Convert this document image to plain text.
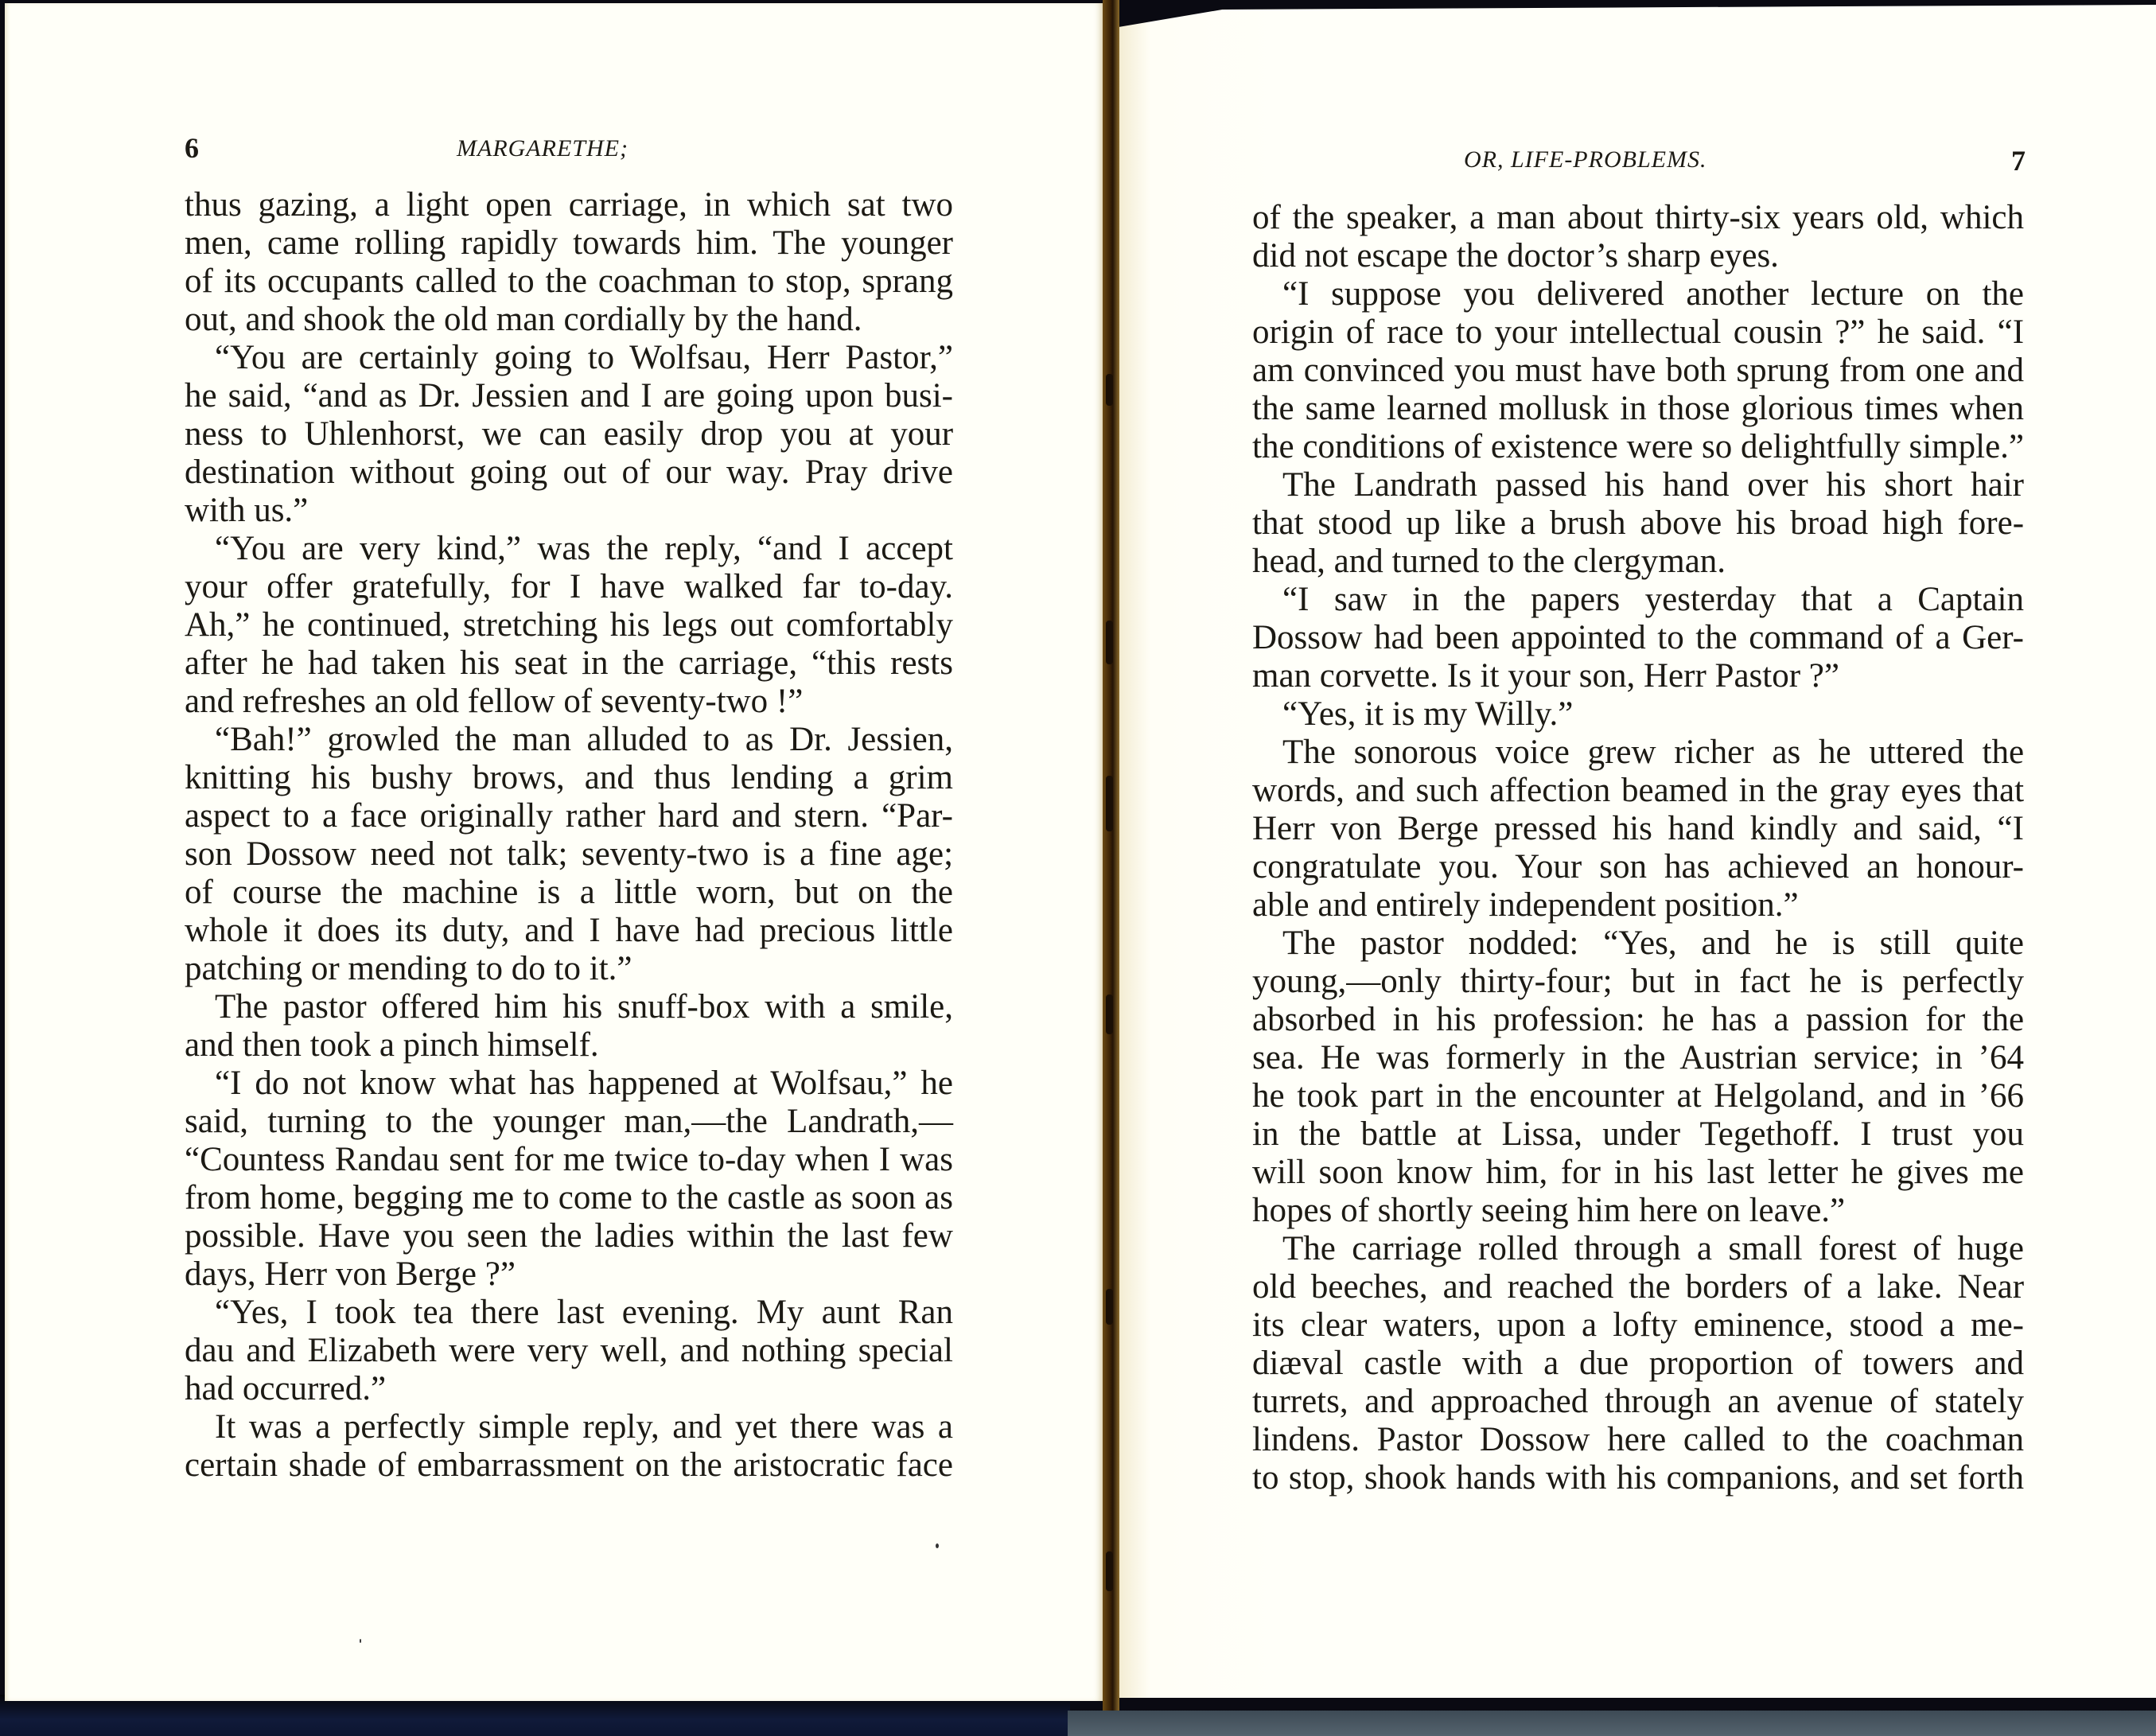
6	MARGARETHE;	OR, LIFE-PROBLEMS.	7
thus gazing, a light open carriage, in which sat two
men, came rolling rapidly towards him. The younger
of its occupants called to the coachman to stop, sprang
out, and shook the old man cordially by the hand.
“You are certainly going to Wolfsau, Herr Pastor,”
he said, “and as Dr. Jessien and I are going upon busi-
ness to Uhlenhorst, we can easily drop you at your
destination without going out of our way. Pray drive
with us.”
“You are very kind,” was the reply, “and I accept
your offer gratefully, for I have walked far to-day.
Ah,” he continued, stretching his legs out comfortably
after he had taken his seat in the carriage, “this rests
and refreshes an old fellow of seventy-two !”
“Bah!” growled the man alluded to as Dr. Jessien,
knitting his bushy brows, and thus lending a grim
aspect to a face originally rather hard and stern. “Par-
son Dossow need not talk; seventy-two is a fine age;
of course the machine is a little worn, but on the
whole it does its duty, and I have had precious little
patching or mending to do to it.”
The pastor offered him his snuff-box with a smile,
and then took a pinch himself.
“I do not know what has happened at Wolfsau,” he
said, turning to the younger man,—the Landrath,—
“Countess Randau sent for me twice to-day when I was
from home, begging me to come to the castle as soon as
possible. Have you seen the ladies within the last few
days, Herr von Berge ?”
“Yes, I took tea there last evening. My aunt Ran
dau and Elizabeth were very well, and nothing special
had occurred.”
It was a perfectly simple reply, and yet there was a
certain shade of embarrassment on the aristocratic face
of the speaker, a man about thirty-six years old, which
did not escape the doctor’s sharp eyes.
“I suppose you delivered another lecture on the
origin of race to your intellectual cousin ?” he said. “I
am convinced you must have both sprung from one and
the same learned mollusk in those glorious times when
the conditions of existence were so delightfully simple.”
The Landrath passed his hand over his short hair
that stood up like a brush above his broad high fore-
head, and turned to the clergyman.
“I saw in the papers yesterday that a Captain
Dossow had been appointed to the command of a Ger-
man corvette. Is it your son, Herr Pastor ?”
“Yes, it is my Willy.”
The sonorous voice grew richer as he uttered the
words, and such affection beamed in the gray eyes that
Herr von Berge pressed his hand kindly and said, “I
congratulate you. Your son has achieved an honour-
able and entirely independent position.”
The pastor nodded: “Yes, and he is still quite
young,—only thirty-four; but in fact he is perfectly
absorbed in his profession: he has a passion for the
sea. He was formerly in the Austrian service; in ’64
he took part in the encounter at Helgoland, and in ’66
in the battle at Lissa, under Tegethoff. I trust you
will soon know him, for in his last letter he gives me
hopes of shortly seeing him here on leave.”
The carriage rolled through a small forest of huge
old beeches, and reached the borders of a lake. Near
its clear waters, upon a lofty eminence, stood a me-
diæval castle with a due proportion of towers and
turrets, and approached through an avenue of stately
lindens. Pastor Dossow here called to the coachman
to stop, shook hands with his companions, and set forth
